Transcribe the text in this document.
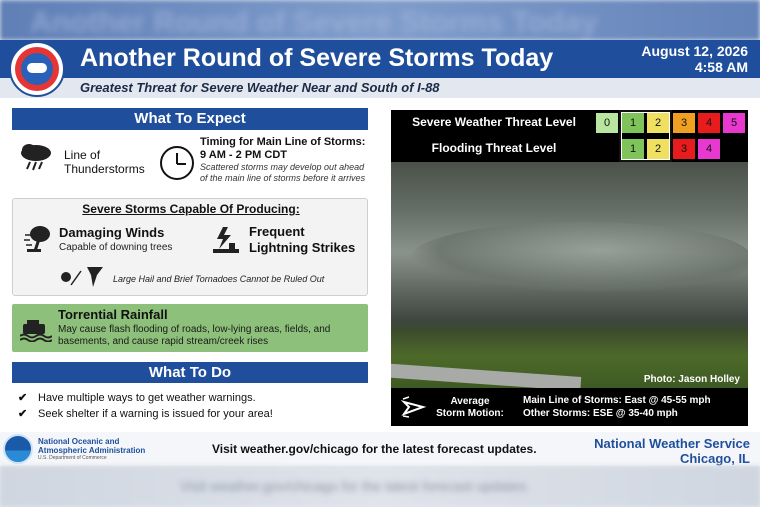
Another Round of Severe Storms Today
Another Round of Severe Storms Today	August 12, 2026
4:58 AM
Greatest Threat for Severe Weather Near and South of I-88
What To Expect
Line of
Thunderstorms
Timing for Main Line of Storms:
9 AM - 2 PM CDT
Scattered storms may develop out ahead of the main line of storms before it arrives
Severe Storms Capable Of Producing:
Damaging Winds
Capable of downing trees
Frequent
Lightning Strikes
Large Hail and Brief Tornadoes Cannot be Ruled Out
Torrential Rainfall
May cause flash flooding of roads, low-lying areas, fields, and basements, and cause rapid stream/creek rises
What To Do
✔ Have multiple ways to get weather warnings.
✔ Seek shelter if a warning is issued for your area!
Severe Weather Threat Level	0	1	2	3	4	5
Flooding Threat Level	1	2	3	4
Photo: Jason Holley
Average
Storm Motion:
Main Line of Storms: East @ 45-55 mph
Other Storms: ESE @ 35-40 mph
National Oceanic and
Atmospheric Administration
U.S. Department of Commerce
Visit weather.gov/chicago for the latest forecast updates.	National Weather Service
Chicago, IL
Visit weather.gov/chicago for the latest forecast updates.
